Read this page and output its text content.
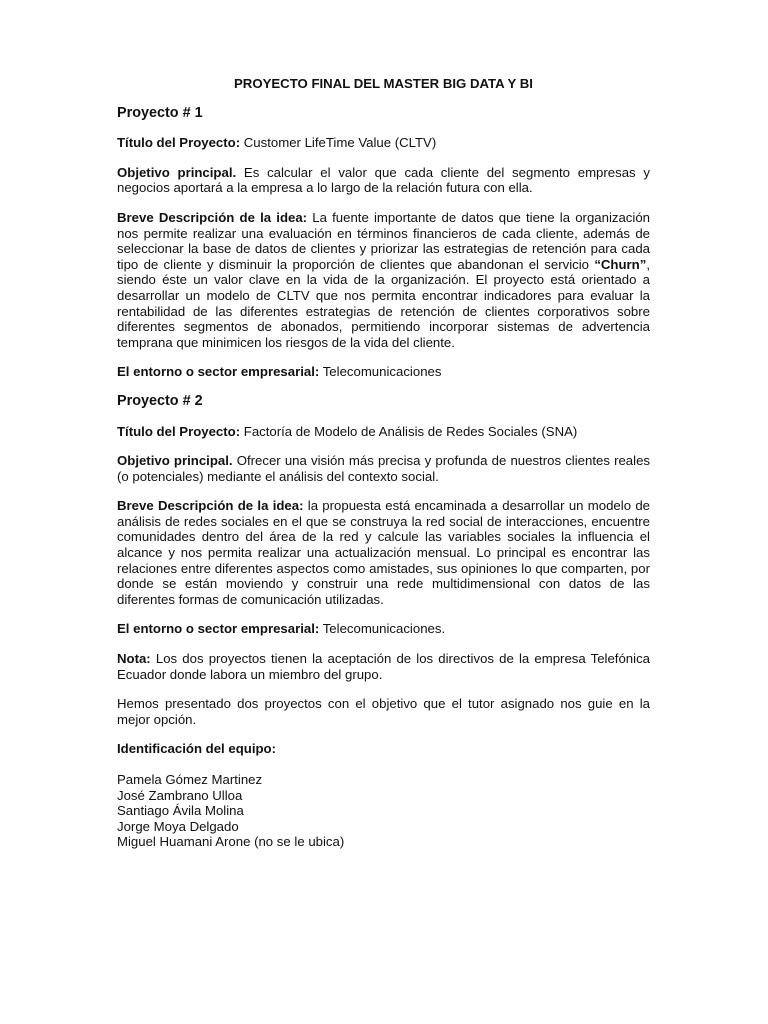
PROYECTO FINAL DEL MASTER BIG DATA Y BI
Proyecto # 1
Título del Proyecto: Customer LifeTime Value (CLTV)
Objetivo principal. Es calcular el valor que cada cliente del segmento empresas y negocios aportará a la empresa a lo largo de la relación futura con ella.
Breve Descripción de la idea: La fuente importante de datos que tiene la organización nos permite realizar una evaluación en términos financieros de cada cliente, además de seleccionar la base de datos de clientes y priorizar las estrategias de retención para cada tipo de cliente y disminuir la proporción de clientes que abandonan el servicio “Churn”, siendo éste un valor clave en la vida de la organización. El proyecto está orientado a desarrollar un modelo de CLTV que nos permita encontrar indicadores para evaluar la rentabilidad de las diferentes estrategias de retención de clientes corporativos sobre diferentes segmentos de abonados, permitiendo incorporar sistemas de advertencia temprana que minimicen los riesgos de la vida del cliente.
El entorno o sector empresarial: Telecomunicaciones
Proyecto # 2
Título del Proyecto: Factoría de Modelo de Análisis de Redes Sociales (SNA)
Objetivo principal. Ofrecer una visión más precisa y profunda de nuestros clientes reales (o potenciales) mediante el análisis del contexto social.
Breve Descripción de la idea: la propuesta está encaminada a desarrollar un modelo de análisis de redes sociales en el que se construya la red social de interacciones, encuentre comunidades dentro del área de la red y calcule las variables sociales la influencia el alcance y nos permita realizar una actualización mensual. Lo principal es encontrar las relaciones entre diferentes aspectos como amistades, sus opiniones lo que comparten, por donde se están moviendo y construir una rede multidimensional con datos de las diferentes formas de comunicación utilizadas.
El entorno o sector empresarial: Telecomunicaciones.
Nota: Los dos proyectos tienen la aceptación de los directivos de la empresa Telefónica Ecuador donde labora un miembro del grupo.
Hemos presentado dos proyectos con el objetivo que el tutor asignado nos guie en la mejor opción.
Identificación del equipo:
Pamela Gómez Martinez
José Zambrano Ulloa
Santiago Ávila Molina
Jorge Moya Delgado
Miguel Huamani Arone (no se le ubica)
